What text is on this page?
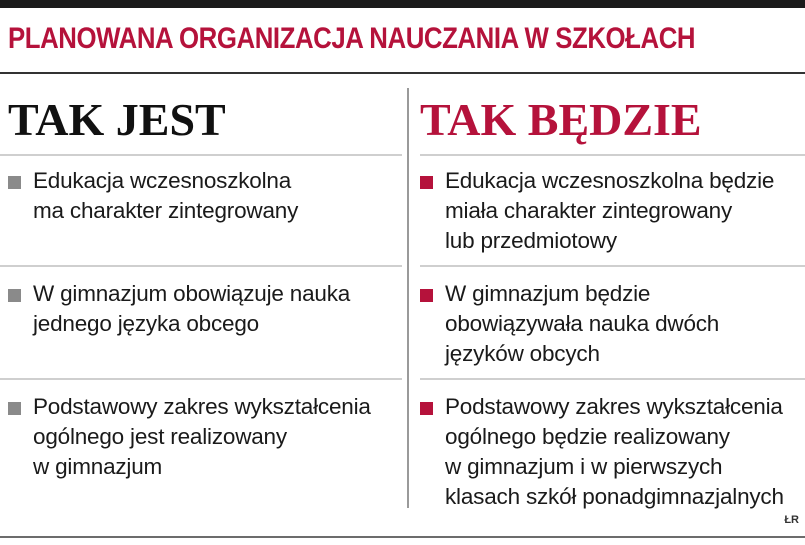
PLANOWANA ORGANIZACJA NAUCZANIA W SZKOŁACH
TAK JEST
Edukacja wczesnoszkolna
ma charakter zintegrowany
W gimnazjum obowiązuje nauka
jednego języka obcego
Podstawowy zakres wykształcenia
ogólnego jest realizowany
w gimnazjum
TAK BĘDZIE
Edukacja wczesnoszkolna będzie
miała charakter zintegrowany
lub przedmiotowy
W gimnazjum będzie
obowiązywała nauka dwóch
języków obcych
Podstawowy zakres wykształcenia
ogólnego będzie realizowany
w gimnazjum i w pierwszych
klasach szkół ponadgimnazjalnych
ŁR
